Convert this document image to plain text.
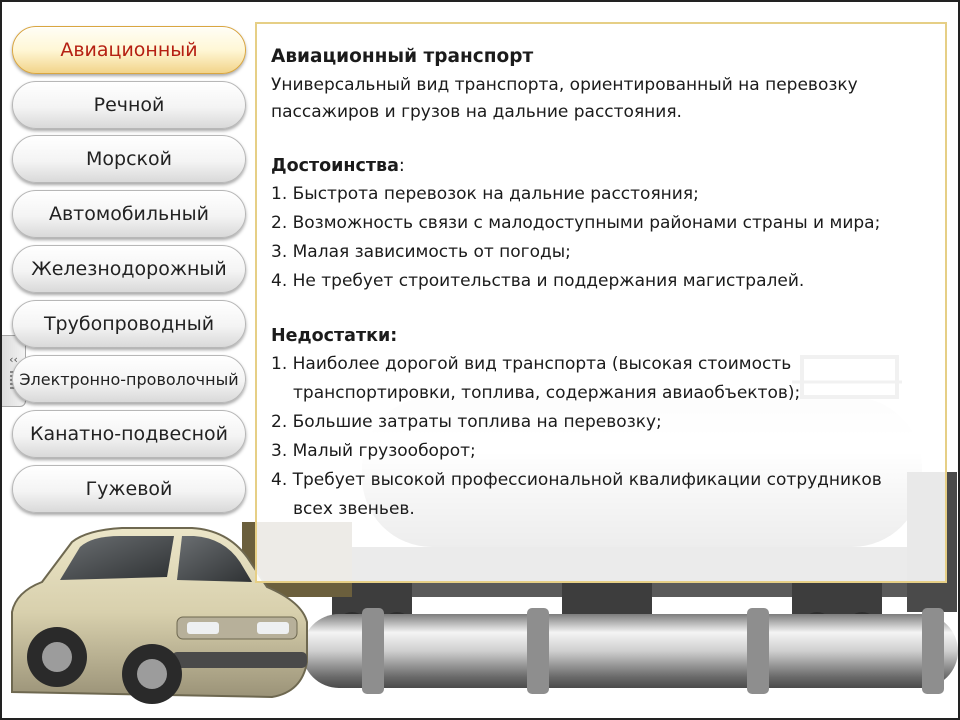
‹‹
Авиационный
Речной
Морской
Автомобильный
Железнодорожный
Трубопроводный
Электронно-проволочный
Канатно-подвесной
Гужевой
Авиационный транспорт

Универсальный вид транспорта, ориентированный на перевозку пассажиров и грузов на дальние расстояния.

Достоинства:
1. Быстрота перевозок на дальние расстояния;
2. Возможность связи с малодоступными районами страны и мира;
3. Малая зависимость от погоды;
4. Не требует строительства и поддержания магистралей.
Недостатки:
1. Наиболее дорогой вид транспорта (высокая стоимость
транспортировки, топлива, содержания авиаобъектов);
2. Большие затраты топлива на перевозку;
3. Малый грузооборот;
4. Требует высокой профессиональной квалификации сотрудников
всех звеньев.
